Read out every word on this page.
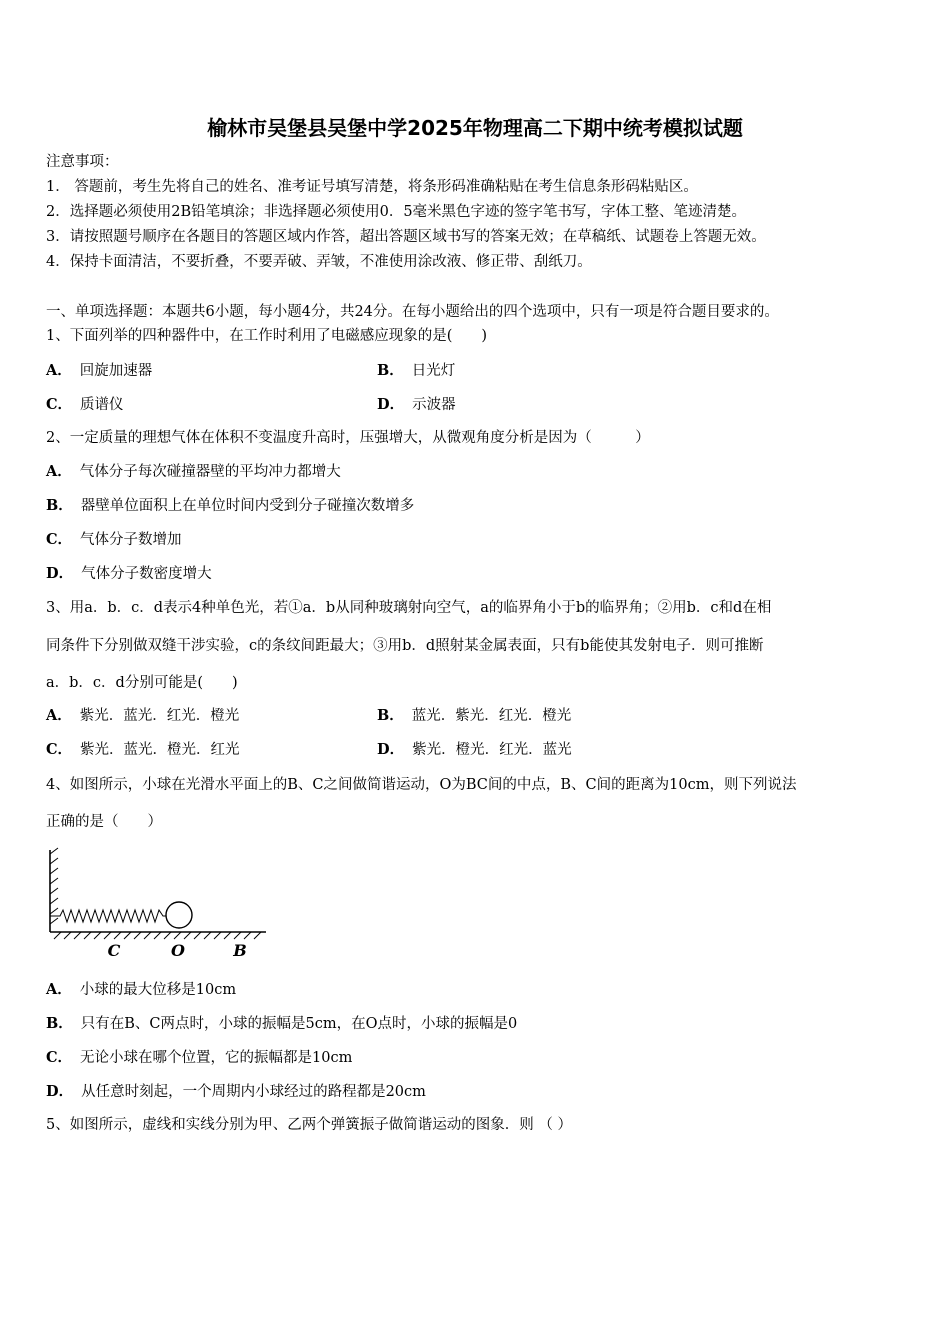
榆林市吴堡县吴堡中学2025年物理高二下期中统考模拟试题
注意事项：
1． 答题前，考生先将自己的姓名、准考证号填写清楚，将条形码准确粘贴在考生信息条形码粘贴区。
2．选择题必须使用2B铅笔填涂；非选择题必须使用0．5毫米黑色字迹的签字笔书写，字体工整、笔迹清楚。
3．请按照题号顺序在各题目的答题区域内作答，超出答题区域书写的答案无效；在草稿纸、试题卷上答题无效。
4．保持卡面清洁，不要折叠，不要弄破、弄皱，不准使用涂改液、修正带、刮纸刀。
一、单项选择题：本题共6小题，每小题4分，共24分。在每小题给出的四个选项中，只有一项是符合题目要求的。
1、下面列举的四种器件中，在工作时利用了电磁感应现象的是(　　)
A． 回旋加速器	B． 日光灯
C． 质谱仪	D． 示波器
2、一定质量的理想气体在体积不变温度升高时，压强增大，从微观角度分析是因为（　　　）
A． 气体分子每次碰撞器壁的平均冲力都增大
B． 器壁单位面积上在单位时间内受到分子碰撞次数增多
C． 气体分子数增加
D． 气体分子数密度增大
3、用a．b．c．d表示4种单色光，若①a．b从同种玻璃射向空气，a的临界角小于b的临界角；②用b．c和d在相
同条件下分别做双缝干涉实验，c的条纹间距最大；③用b．d照射某金属表面，只有b能使其发射电子．则可推断
a．b．c．d分别可能是(　　)
A． 紫光．蓝光．红光．橙光	B． 蓝光．紫光．红光．橙光
C． 紫光．蓝光．橙光．红光	D． 紫光．橙光．红光．蓝光
4、如图所示，小球在光滑水平面上的B、C之间做简谐运动，O为BC间的中点，B、C间的距离为10cm，则下列说法
正确的是（　　）
C	O	B
A． 小球的最大位移是10cm
B． 只有在B、C两点时，小球的振幅是5cm，在O点时，小球的振幅是0
C． 无论小球在哪个位置，它的振幅都是10cm
D． 从任意时刻起，一个周期内小球经过的路程都是20cm
5、如图所示，虚线和实线分别为甲、乙两个弹簧振子做简谐运动的图象．则 （ ）
